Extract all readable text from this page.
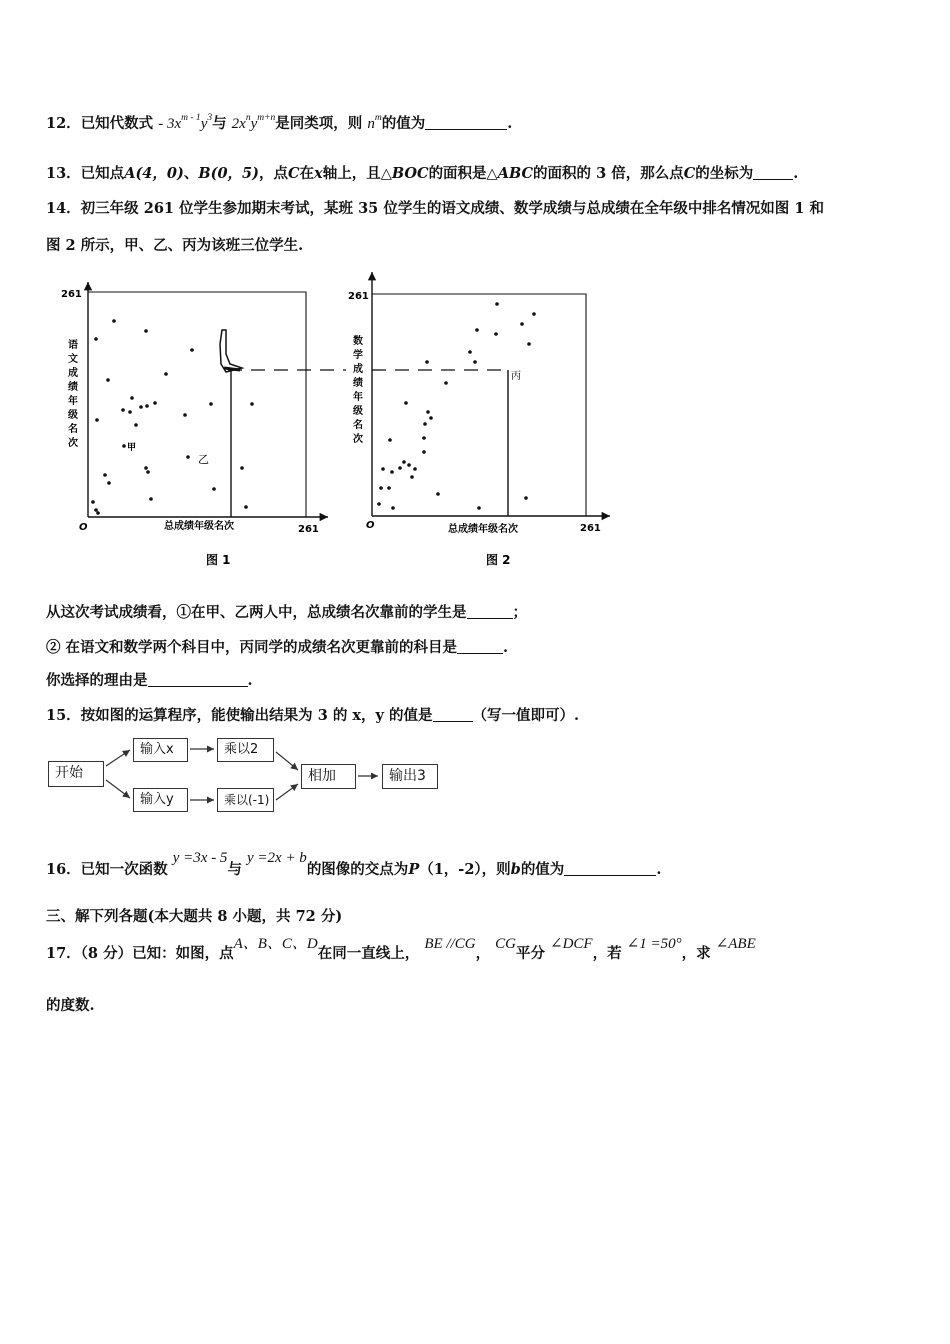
12．已知代数式 - $3x^{m - 1}y^3$与 $2x^ny^{m+n}$是同类项，则 $n^m$的值为	.
13．已知点A(4，0)、B(0，5)，点C在x轴上，且△BOC的面积是△ABC的面积的 3 倍，那么点C的坐标为	.
14．初三年级 261 位学生参加期末考试，某班 35 位学生的语文成绩、数学成绩与总成绩在全年级中排名情况如图 1 和
图 2 所示，甲、乙、丙为该班三位学生.
261
261
O
语
文
成
绩
年
级
名
次
总成绩年级名次
甲
乙
图 1
261
261
O
数
学
成
绩
年
级
名
次
总成绩年级名次
丙
图 2
从这次考试成绩看，①在甲、乙两人中，总成绩名次靠前的学生是	；
② 在语文和数学两个科目中，丙同学的成绩名次更靠前的科目是	.
你选择的理由是	.
15．按如图的运算程序，能使输出结果为 3 的 x，y 的值是	（写一值即可）.
开始
输入x	乘以2
输入y	乘以(-1)
相加	输出3
16．已知一次函数 y =3x - 5与 y =2x + b的图像的交点为P（1，-2），则b的值为	.
三、解下列各题(本大题共 8 小题，共 72 分)
17．（8 分）已知：如图，点A、B、C、D在同一直线上， BE //CG， CG平分 ∠DCF，若 ∠1 =50°，求 ∠ABE
的度数.
